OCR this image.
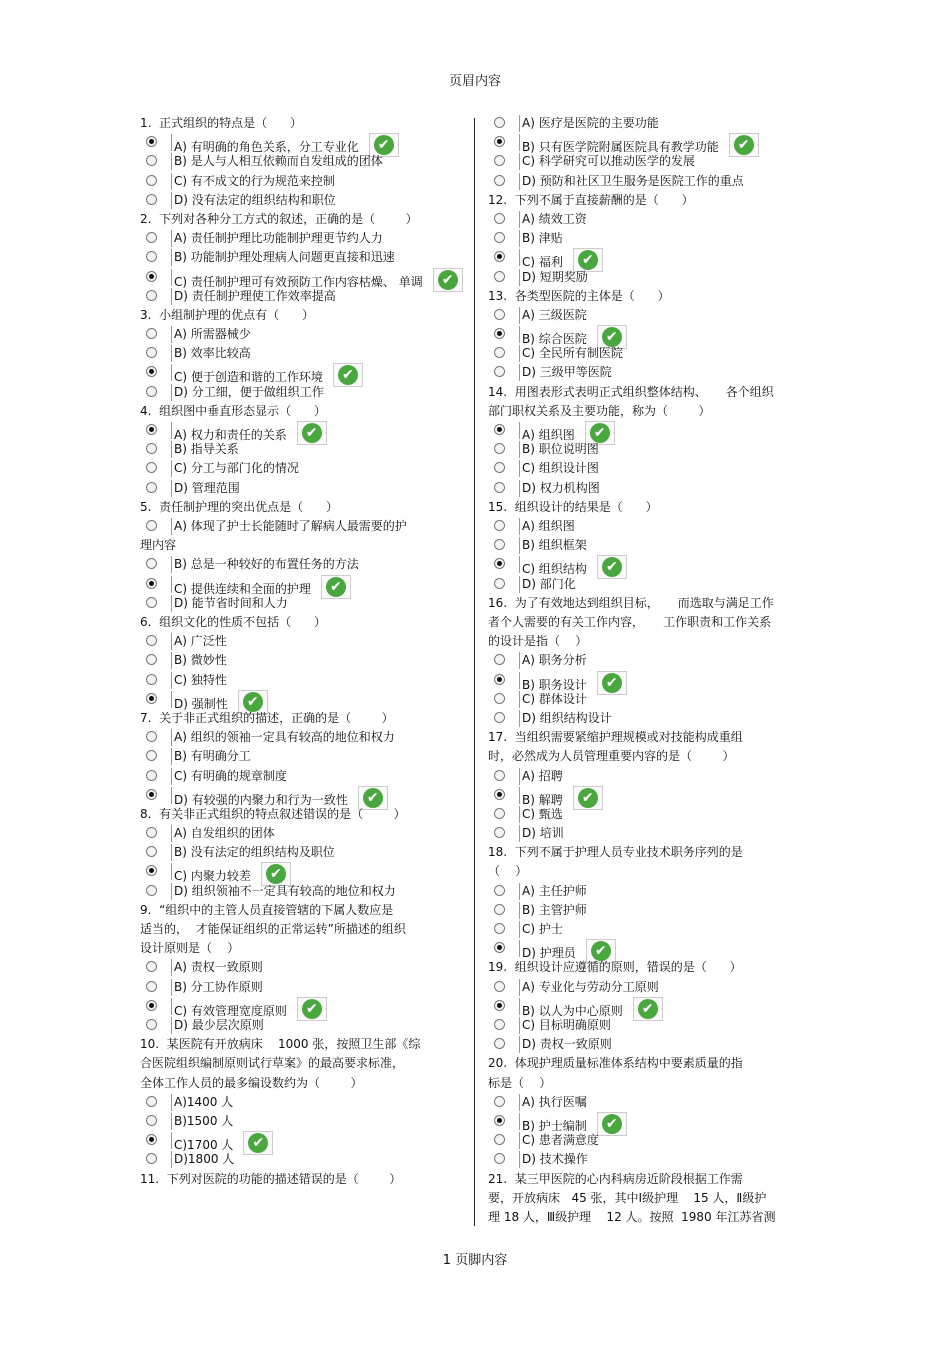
页眉内容
1.  正式组织的特点是（      ）
A) 有明确的角色关系，分工专业化 ✔
B) 是人与人相互依赖而自发组成的团体
C) 有不成文的行为规范来控制
D) 没有法定的组织结构和职位
2.  下列对各种分工方式的叙述，正确的是（        ）
A) 责任制护理比功能制护理更节约人力
B) 功能制护理处理病人问题更直接和迅速
C) 责任制护理可有效预防工作内容枯燥、 单调 ✔
D) 责任制护理使工作效率提高
3.  小组制护理的优点有（      ）
A) 所需器械少
B) 效率比较高
C) 便于创造和谐的工作环境 ✔
D) 分工细，便于做组织工作
4.  组织图中垂直形态显示（      ）
A) 权力和责任的关系 ✔
B) 指导关系
C) 分工与部门化的情况
D) 管理范围
5.  责任制护理的突出优点是（      ）
A) 体现了护士长能随时了解病人最需要的护
理内容
B) 总是一种较好的布置任务的方法
C) 提供连续和全面的护理 ✔
D) 能节省时间和人力
6.  组织文化的性质不包括（      ）
A) 广泛性
B) 微妙性
C) 独特性
D) 强制性 ✔
7.  关于非正式组织的描述，正确的是（        ）
A) 组织的领袖一定具有较高的地位和权力
B) 有明确分工
C) 有明确的规章制度
D) 有较强的内聚力和行为一致性 ✔
8.  有关非正式组织的特点叙述错误的是（        ）
A) 自发组织的团体
B) 没有法定的组织结构及职位
C) 内聚力较差 ✔
D) 组织领袖不一定具有较高的地位和权力
9.  “组织中的主管人员直接管辖的下属人数应是
适当的，  才能保证组织的正常运转”所描述的组织
设计原则是（    ）
A) 责权一致原则
B) 分工协作原则
C) 有效管理宽度原则 ✔
D) 最少层次原则
10.  某医院有开放病床    1000 张，按照卫生部《综
合医院组织编制原则试行草案》的最高要求标准，
全体工作人员的最多编设数约为（        ）
A)1400 人
B)1500 人
C)1700 人 ✔
D)1800 人
11.  下列对医院的功能的描述错误的是（        ）
A) 医疗是医院的主要功能
B) 只有医学院附属医院具有教学功能 ✔
C) 科学研究可以推动医学的发展
D) 预防和社区卫生服务是医院工作的重点
12.  下列不属于直接薪酬的是（      ）
A) 绩效工资
B) 津贴
C) 福利 ✔
D) 短期奖励
13.  各类型医院的主体是（      ）
A) 三级医院
B) 综合医院 ✔
C) 全民所有制医院
D) 三级甲等医院
14.  用图表形式表明正式组织整体结构、     各个组织
部门职权关系及主要功能，称为（        ）
A) 组织图 ✔
B) 职位说明图
C) 组织设计图
D) 权力机构图
15.  组织设计的结果是（      ）
A) 组织图
B) 组织框架
C) 组织结构 ✔
D) 部门化
16.  为了有效地达到组织目标，     而选取与满足工作
者个人需要的有关工作内容，     工作职责和工作关系
的设计是指（    ）
A) 职务分析
B) 职务设计 ✔
C) 群体设计
D) 组织结构设计
17.  当组织需要紧缩护理规模或对技能构成重组
时，必然成为人员管理重要内容的是（        ）
A) 招聘
B) 解聘 ✔
C) 甄选
D) 培训
18.  下列不属于护理人员专业技术职务序列的是
（    ）
A) 主任护师
B) 主管护师
C) 护士
D) 护理员 ✔
19.  组织设计应遵循的原则，错误的是（      ）
A) 专业化与劳动分工原则
B) 以人为中心原则 ✔
C) 目标明确原则
D) 责权一致原则
20.  体现护理质量标准体系结构中要素质量的指
标是（    ）
A) 执行医嘱
B) 护士编制 ✔
C) 患者满意度
D) 技术操作
21.  某三甲医院的心内科病房近阶段根据工作需
要，开放病床   45 张，其中Ⅰ级护理    15 人，Ⅱ级护
理 18 人，Ⅲ级护理    12 人。按照  1980 年江苏省测
1 页脚内容
